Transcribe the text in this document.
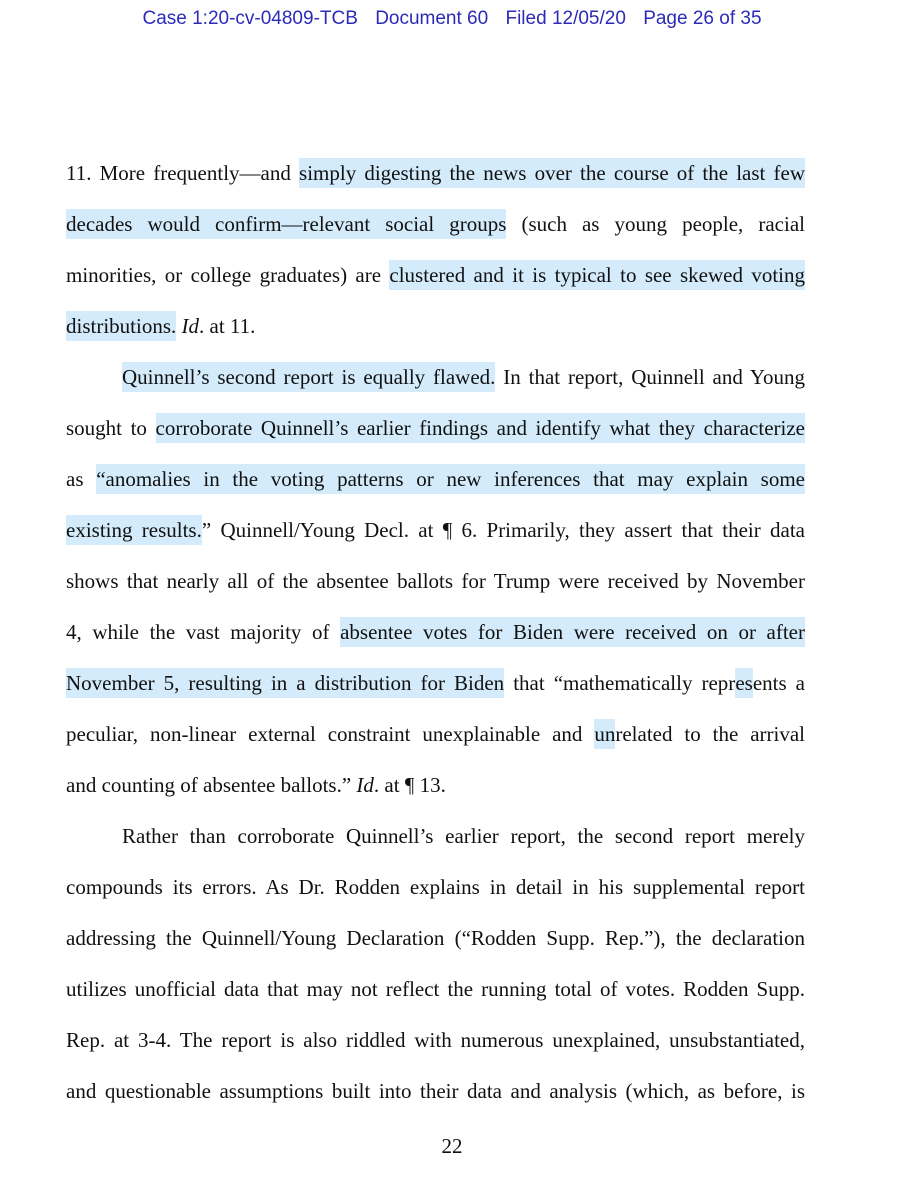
Case 1:20-cv-04809-TCB Document 60 Filed 12/05/20 Page 26 of 35
11. More frequently—and simply digesting the news over the course of the last few
decades would confirm—relevant social groups (such as young people, racial
minorities, or college graduates) are clustered and it is typical to see skewed voting
distributions. Id. at 11.
Quinnell’s second report is equally flawed. In that report, Quinnell and Young
sought to corroborate Quinnell’s earlier findings and identify what they characterize
as “anomalies in the voting patterns or new inferences that may explain some
existing results.” Quinnell/Young Decl. at ¶ 6. Primarily, they assert that their data
shows that nearly all of the absentee ballots for Trump were received by November
4, while the vast majority of absentee votes for Biden were received on or after
November 5, resulting in a distribution for Biden that “mathematically represents a
peculiar, non-linear external constraint unexplainable and unrelated to the arrival
and counting of absentee ballots.” Id. at ¶ 13.
Rather than corroborate Quinnell’s earlier report, the second report merely
compounds its errors. As Dr. Rodden explains in detail in his supplemental report
addressing the Quinnell/Young Declaration (“Rodden Supp. Rep.”), the declaration
utilizes unofficial data that may not reflect the running total of votes. Rodden Supp.
Rep. at 3-4. The report is also riddled with numerous unexplained, unsubstantiated,
and questionable assumptions built into their data and analysis (which, as before, is
22
